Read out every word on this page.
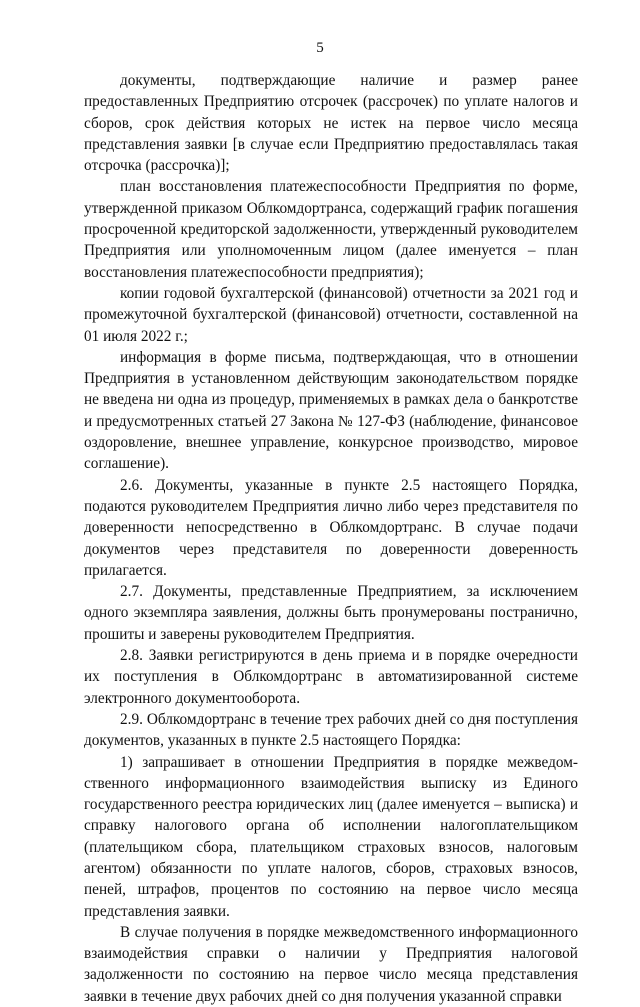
5

документы, подтверждающие наличие и размер ранее предоставленных Предприятию отсрочек (рассрочек) по уплате налогов и сборов, срок действия которых не истек на первое число месяца представления заявки [в случае если Предприятию предоставлялась такая отсрочка (рассрочка)];

план восстановления платежеспособности Предприятия по форме, утвержденной приказом Облкомдортранса, содержащий график погашения просроченной кредиторской задолженности, утвержденный руководителем Предприятия или уполномоченным лицом (далее именуется – план восстановления платежеспособности предприятия);

копии годовой бухгалтерской (финансовой) отчетности за 2021 год и промежуточной бухгалтерской (финансовой) отчетности, составленной на 01 июля 2022 г.;

информация в форме письма, подтверждающая, что в отношении Предприятия в установленном действующим законодательством порядке не введена ни одна из процедур, применяемых в рамках дела о банкротстве и предусмотренных статьей 27 Закона № 127-ФЗ (наблюдение, финансовое оздоровление, внешнее управление, конкурсное производство, мировое соглашение).

2.6. Документы, указанные в пункте 2.5 настоящего Порядка, подаются руководителем Предприятия лично либо через представителя по доверенности непосредственно в Облкомдортранс. В случае подачи документов через представителя по доверенности доверенность прилагается.

2.7. Документы, представленные Предприятием, за исключением одного экземпляра заявления, должны быть пронумерованы постранично, прошиты и заверены руководителем Предприятия.

2.8. Заявки регистрируются в день приема и в порядке очередности их поступления в Облкомдортранс в автоматизированной системе электронного документооборота.

2.9. Облкомдортранс в течение трех рабочих дней со дня поступления документов, указанных в пункте 2.5 настоящего Порядка:

1) запрашивает в отношении Предприятия в порядке межведомственного информационного взаимодействия выписку из Единого государственного реестра юридических лиц (далее именуется – выписка) и справку налогового органа об исполнении налогоплательщиком (плательщиком сбора, плательщиком страховых взносов, налоговым агентом) обязанности по уплате налогов, сборов, страховых взносов, пеней, штрафов, процентов по состоянию на первое число месяца представления заявки.

В случае получения в порядке межведомственного информационного взаимодействия справки о наличии у Предприятия налоговой задолженности по состоянию на первое число месяца представления заявки в течение двух рабочих дней со дня получения указанной справки
